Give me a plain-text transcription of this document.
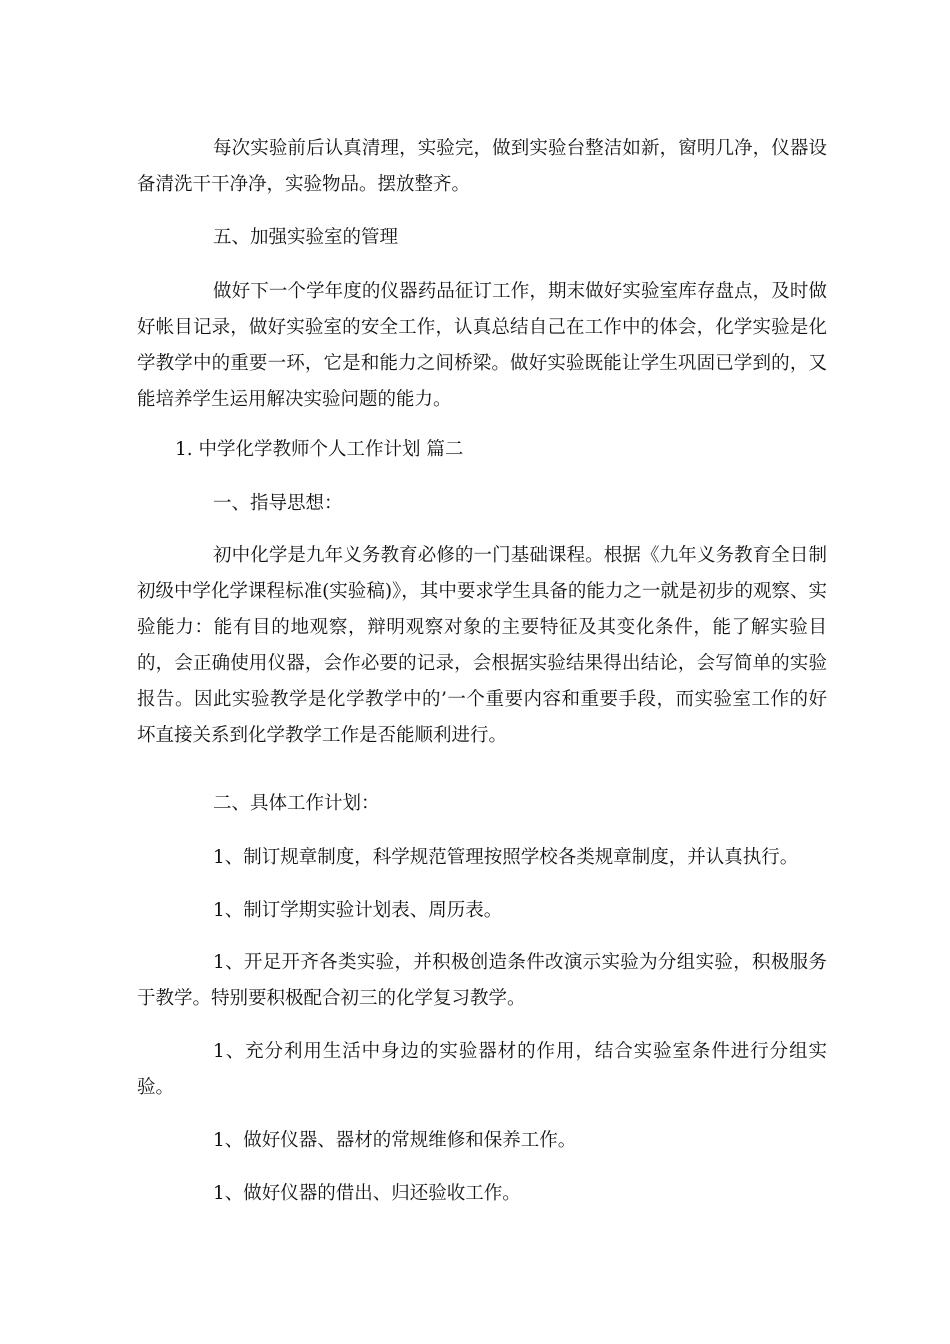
每次实验前后认真清理，实验完，做到实验台整洁如新，窗明几净，仪器设备清洗干干净净，实验物品。摆放整齐。

五、加强实验室的管理

做好下一个学年度的仪器药品征订工作，期末做好实验室库存盘点，及时做好帐目记录，做好实验室的安全工作，认真总结自己在工作中的体会，化学实验是化学教学中的重要一环，它是和能力之间桥梁。做好实验既能让学生巩固已学到的，又能培养学生运用解决实验问题的能力。

1. 中学化学教师个人工作计划 篇二

一、指导思想：

初中化学是九年义务教育必修的一门基础课程。根据《九年义务教育全日制初级中学化学课程标准(实验稿)》，其中要求学生具备的能力之一就是初步的观察、实验能力：能有目的地观察，辩明观察对象的主要特征及其变化条件，能了解实验目的，会正确使用仪器，会作必要的记录，会根据实验结果得出结论，会写简单的实验报告。因此实验教学是化学教学中的’一个重要内容和重要手段，而实验室工作的好坏直接关系到化学教学工作是否能顺利进行。

二、具体工作计划：

1、制订规章制度，科学规范管理按照学校各类规章制度，并认真执行。

1、制订学期实验计划表、周历表。

1、开足开齐各类实验，并积极创造条件改演示实验为分组实验，积极服务于教学。特别要积极配合初三的化学复习教学。

1、充分利用生活中身边的实验器材的作用，结合实验室条件进行分组实验。

1、做好仪器、器材的常规维修和保养工作。

1、做好仪器的借出、归还验收工作。
